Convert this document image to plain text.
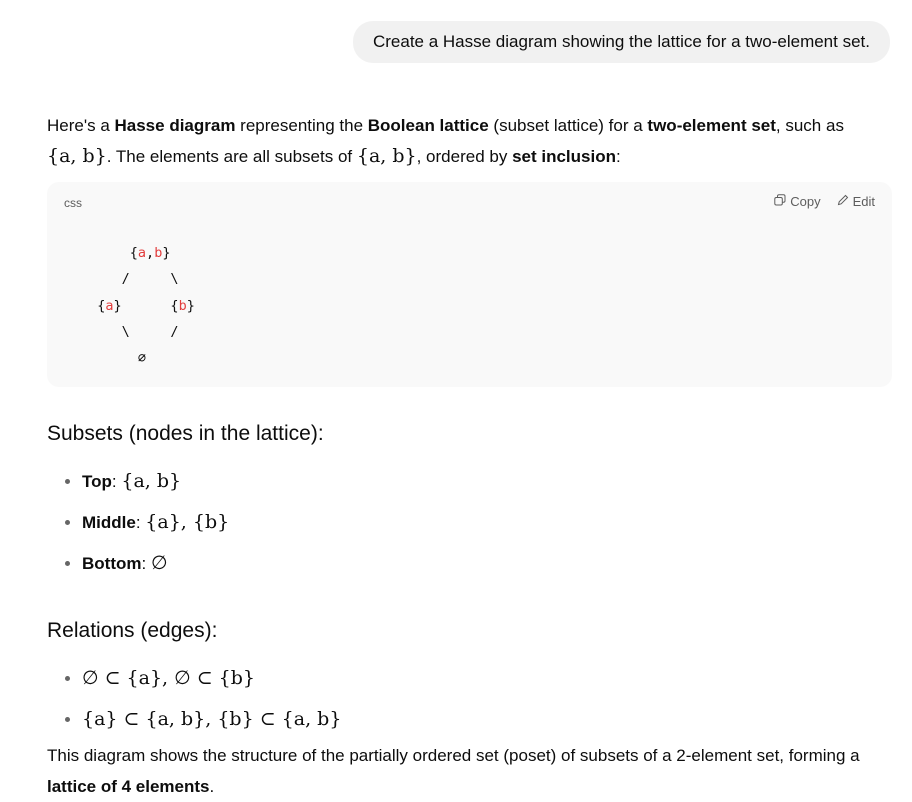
Create a Hasse diagram showing the lattice for a two-element set.

Here's a Hasse diagram representing the Boolean lattice (subset lattice) for a two-element set, such as
{a, b}. The elements are all subsets of {a, b}, ordered by set inclusion:

css	Copy Edit
{a,b}
/     \
{a}      {b}
\     /
∅
Subsets (nodes in the lattice):
• Top: {a, b}
• Middle: {a}, {b}
• Bottom: ∅
Relations (edges):
• ∅ ⊂ {a}, ∅ ⊂ {b}
• {a} ⊂ {a, b}, {b} ⊂ {a, b}

This diagram shows the structure of the partially ordered set (poset) of subsets of a 2-element set, forming a lattice of 4 elements.
